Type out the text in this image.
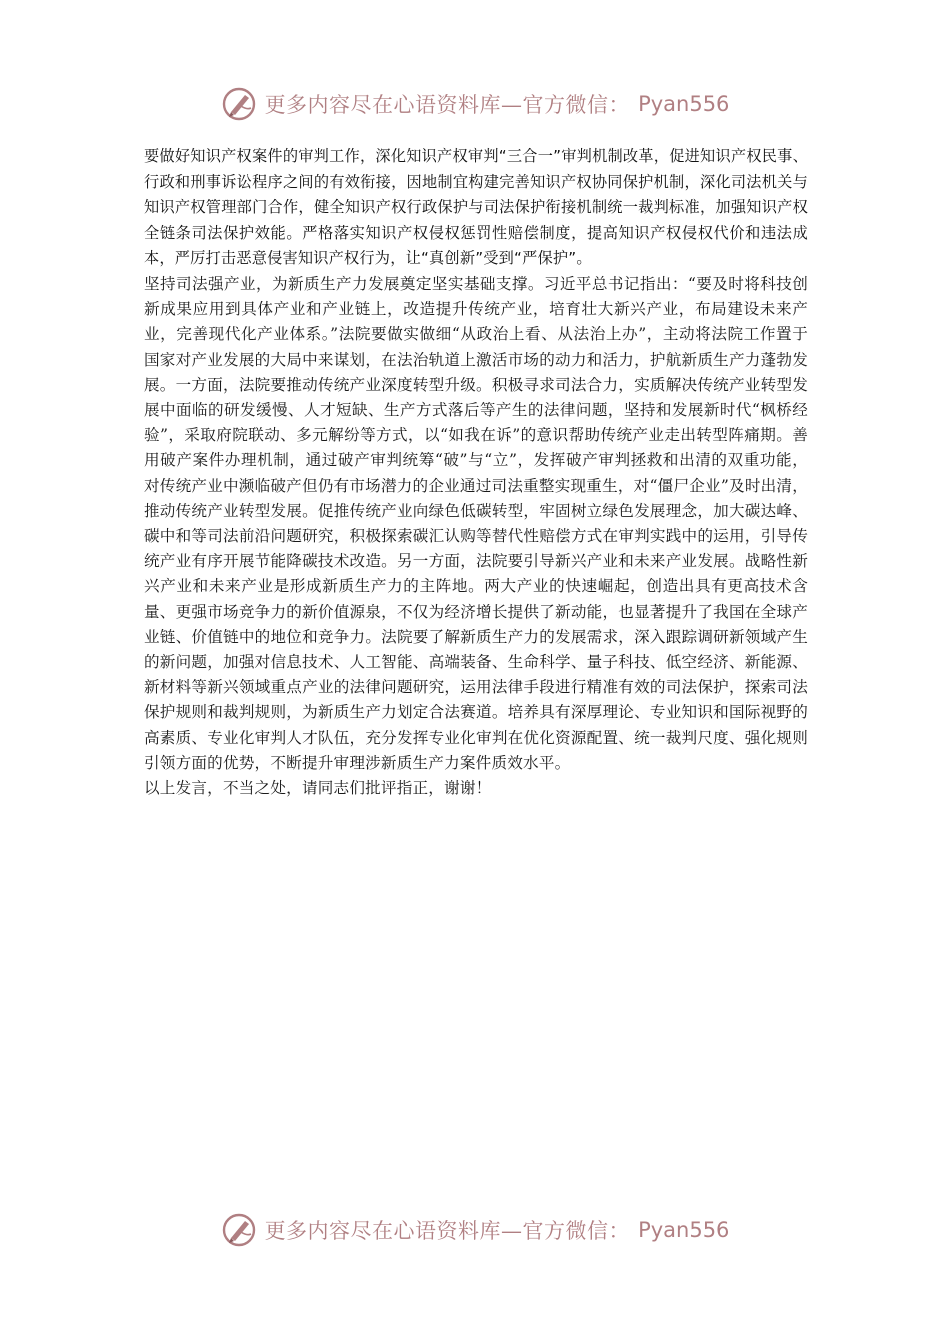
更多内容尽在心语资料库—官方微信： Pyan556

要做好知识产权案件的审判工作，深化知识产权审判“三合一”审判机制改革，促进知识产权民事、行政和刑事诉讼程序之间的有效衔接，因地制宜构建完善知识产权协同保护机制，深化司法机关与知识产权管理部门合作，健全知识产权行政保护与司法保护衔接机制统一裁判标准，加强知识产权全链条司法保护效能。严格落实知识产权侵权惩罚性赔偿制度，提高知识产权侵权代价和违法成本，严厉打击恶意侵害知识产权行为，让“真创新”受到“严保护”。

坚持司法强产业，为新质生产力发展奠定坚实基础支撑。习近平总书记指出：“要及时将科技创新成果应用到具体产业和产业链上，改造提升传统产业，培育壮大新兴产业，布局建设未来产业，完善现代化产业体系。”法院要做实做细“从政治上看、从法治上办”，主动将法院工作置于国家对产业发展的大局中来谋划，在法治轨道上激活市场的动力和活力，护航新质生产力蓬勃发展。一方面，法院要推动传统产业深度转型升级。积极寻求司法合力，实质解决传统产业转型发展中面临的研发缓慢、人才短缺、生产方式落后等产生的法律问题，坚持和发展新时代“枫桥经验”，采取府院联动、多元解纷等方式，以“如我在诉”的意识帮助传统产业走出转型阵痛期。善用破产案件办理机制，通过破产审判统筹“破”与“立”，发挥破产审判拯救和出清的双重功能，对传统产业中濒临破产但仍有市场潜力的企业通过司法重整实现重生，对“僵尸企业”及时出清，推动传统产业转型发展。促推传统产业向绿色低碳转型，牢固树立绿色发展理念，加大碳达峰、碳中和等司法前沿问题研究，积极探索碳汇认购等替代性赔偿方式在审判实践中的运用，引导传统产业有序开展节能降碳技术改造。另一方面，法院要引导新兴产业和未来产业发展。战略性新兴产业和未来产业是形成新质生产力的主阵地。两大产业的快速崛起，创造出具有更高技术含量、更强市场竞争力的新价值源泉，不仅为经济增长提供了新动能，也显著提升了我国在全球产业链、价值链中的地位和竞争力。法院要了解新质生产力的发展需求，深入跟踪调研新领域产生的新问题，加强对信息技术、人工智能、高端装备、生命科学、量子科技、低空经济、新能源、新材料等新兴领域重点产业的法律问题研究，运用法律手段进行精准有效的司法保护，探索司法保护规则和裁判规则，为新质生产力划定合法赛道。培养具有深厚理论、专业知识和国际视野的高素质、专业化审判人才队伍，充分发挥专业化审判在优化资源配置、统一裁判尺度、强化规则引领方面的优势，不断提升审理涉新质生产力案件质效水平。

以上发言，不当之处，请同志们批评指正，谢谢！

更多内容尽在心语资料库—官方微信： Pyan556
